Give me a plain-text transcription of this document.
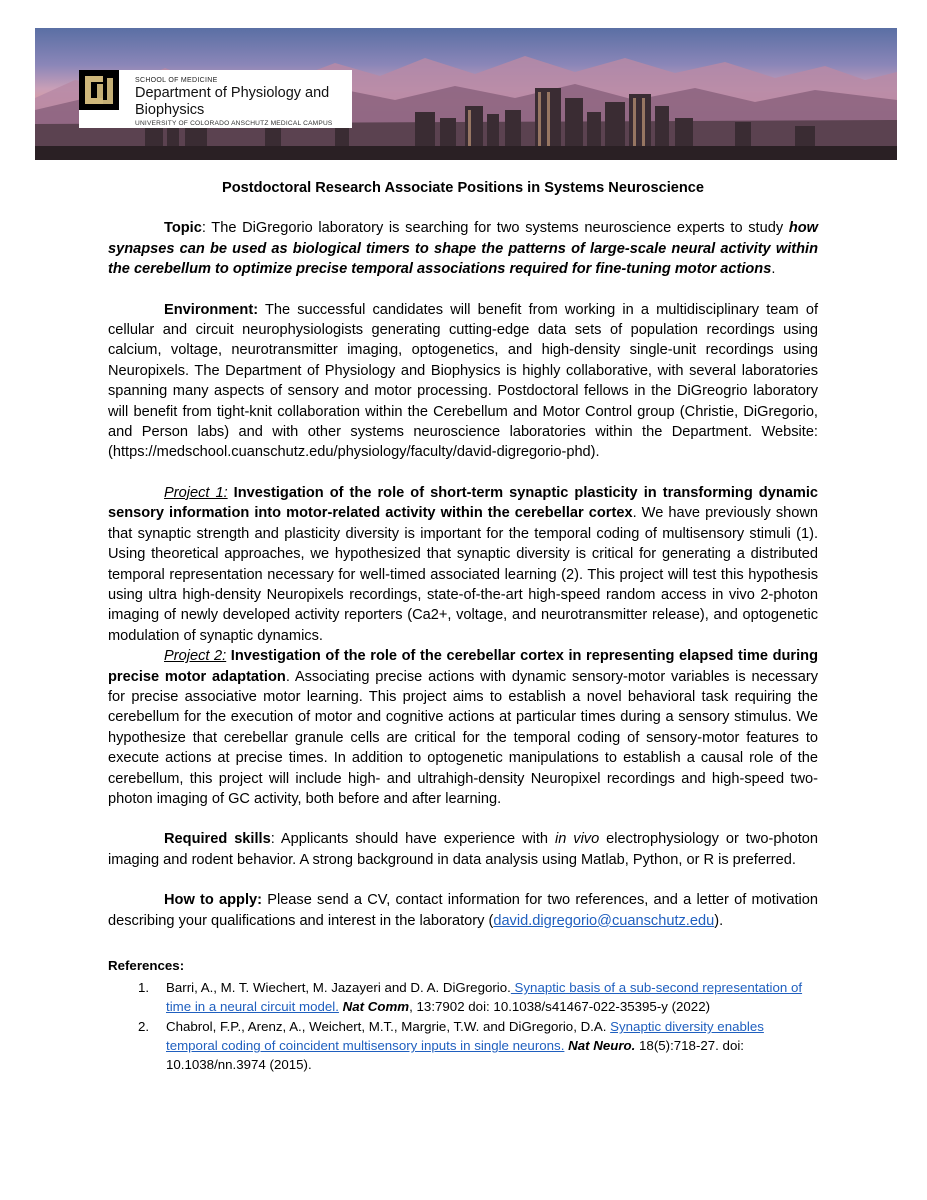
SCHOOL OF MEDICINE
Department of Physiology and Biophysics
UNIVERSITY OF COLORADO ANSCHUTZ MEDICAL CAMPUS
Postdoctoral Research Associate Positions in Systems Neuroscience

Topic: The DiGregorio laboratory is searching for two systems neuroscience experts to study how synapses can be used as biological timers to shape the patterns of large-scale neural activity within the cerebellum to optimize precise temporal associations required for fine-tuning motor actions.

Environment: The successful candidates will benefit from working in a multidisciplinary team of cellular and circuit neurophysiologists generating cutting-edge data sets of population recordings using calcium, voltage, neurotransmitter imaging, optogenetics, and high-density single-unit recordings using Neuropixels. The Department of Physiology and Biophysics is highly collaborative, with several laboratories spanning many aspects of sensory and motor processing. Postdoctoral fellows in the DiGreogrio laboratory will benefit from tight-knit collaboration within the Cerebellum and Motor Control group (Christie, DiGregorio, and Person labs) and with other systems neuroscience laboratories within the Department. Website: (https://medschool.cuanschutz.edu/physiology/faculty/david-digregorio-phd).

Project 1: Investigation of the role of short-term synaptic plasticity in transforming dynamic sensory information into motor-related activity within the cerebellar cortex. We have previously shown that synaptic strength and plasticity diversity is important for the temporal coding of multisensory stimuli (1). Using theoretical approaches, we hypothesized that synaptic diversity is critical for generating a distributed temporal representation necessary for well-timed associated learning (2). This project will test this hypothesis using ultra high-density Neuropixels recordings, state-of-the-art high-speed random access in vivo 2-photon imaging of newly developed activity reporters (Ca2+, voltage, and neurotransmitter release), and optogenetic modulation of synaptic dynamics.

Project 2: Investigation of the role of the cerebellar cortex in representing elapsed time during precise motor adaptation. Associating precise actions with dynamic sensory-motor variables is necessary for precise associative motor learning. This project aims to establish a novel behavioral task requiring the cerebellum for the execution of motor and cognitive actions at particular times during a sensory stimulus. We hypothesize that cerebellar granule cells are critical for the temporal coding of sensory-motor features to execute actions at precise times. In addition to optogenetic manipulations to establish a causal role of the cerebellum, this project will include high- and ultrahigh-density Neuropixel recordings and high-speed two-photon imaging of GC activity, both before and after learning.

Required skills: Applicants should have experience with in vivo electrophysiology or two-photon imaging and rodent behavior. A strong background in data analysis using Matlab, Python, or R is preferred.

How to apply: Please send a CV, contact information for two references, and a letter of motivation describing your qualifications and interest in the laboratory (david.digregorio@cuanschutz.edu).

References:
1. Barri, A., M. T. Wiechert, M. Jazayeri and D. A. DiGregorio. Synaptic basis of a sub-second representation of time in a neural circuit model. Nat Comm, 13:7902 doi: 10.1038/s41467-022-35395-y (2022)
2. Chabrol, F.P., Arenz, A., Weichert, M.T., Margrie, T.W. and DiGregorio, D.A. Synaptic diversity enables temporal coding of coincident multisensory inputs in single neurons. Nat Neuro. 18(5):718-27. doi: 10.1038/nn.3974 (2015).
